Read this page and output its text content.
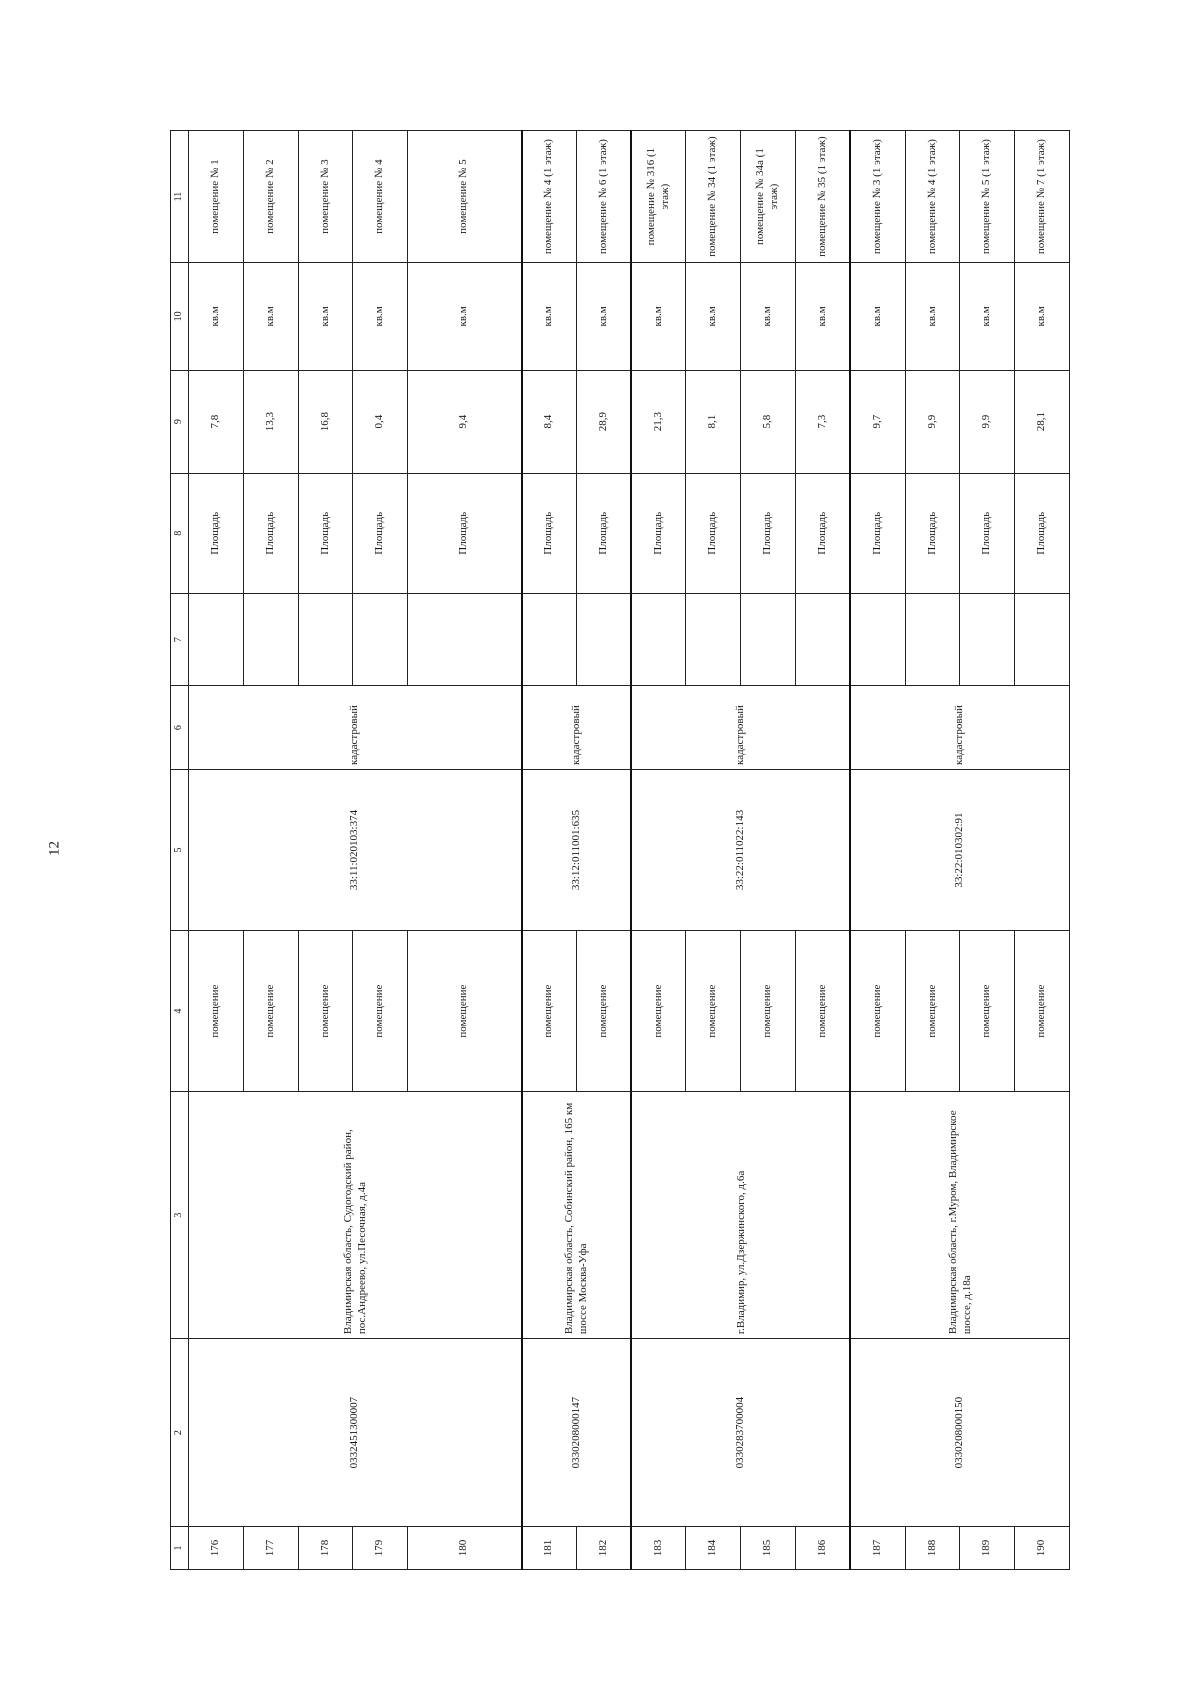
12
1	2	3	4	5	6	7	8	9	10	11
176	0332451300007	Владимирская область, Судогодский район, пос.Андреево, ул.Песочная, д.4а	помещение	33:11:020103:374	кадастровый		Площадь	7,8	кв.м	помещение № 1
177			помещение				Площадь	13,3	кв.м	помещение № 2
178			помещение				Площадь	16,8	кв.м	помещение № 3
179			помещение				Площадь	0,4	кв.м	помещение № 4
180			помещение				Площадь	9,4	кв.м	помещение № 5
181	0330208000147	Владимирская область, Собинский район, 165 км шоссе Москва-Уфа	помещение	33:12:011001:635	кадастровый		Площадь	8,4	кв.м	помещение № 4 (1 этаж)
182			помещение				Площадь	28,9	кв.м	помещение № 6 (1 этаж)
183	0330283700004	г.Владимир, ул.Дзержинского, д.6а	помещение	33:22:011022:143	кадастровый		Площадь	21,3	кв.м	помещение № 316 (1 этаж)
184			помещение				Площадь	8,1	кв.м	помещение № 34 (1 этаж)
185			помещение				Площадь	5,8	кв.м	помещение № 34а (1 этаж)
186			помещение				Площадь	7,3	кв.м	помещение № 35 (1 этаж)
187	0330208000150	Владимирская область, г.Муром, Владимирское шоссе, д.18а	помещение	33:22:010302:91	кадастровый		Площадь	9,7	кв.м	помещение № 3 (1 этаж)
188			помещение				Площадь	9,9	кв.м	помещение № 4 (1 этаж)
189			помещение				Площадь	9,9	кв.м	помещение № 5 (1 этаж)
190			помещение				Площадь	28,1	кв.м	помещение № 7 (1 этаж)
